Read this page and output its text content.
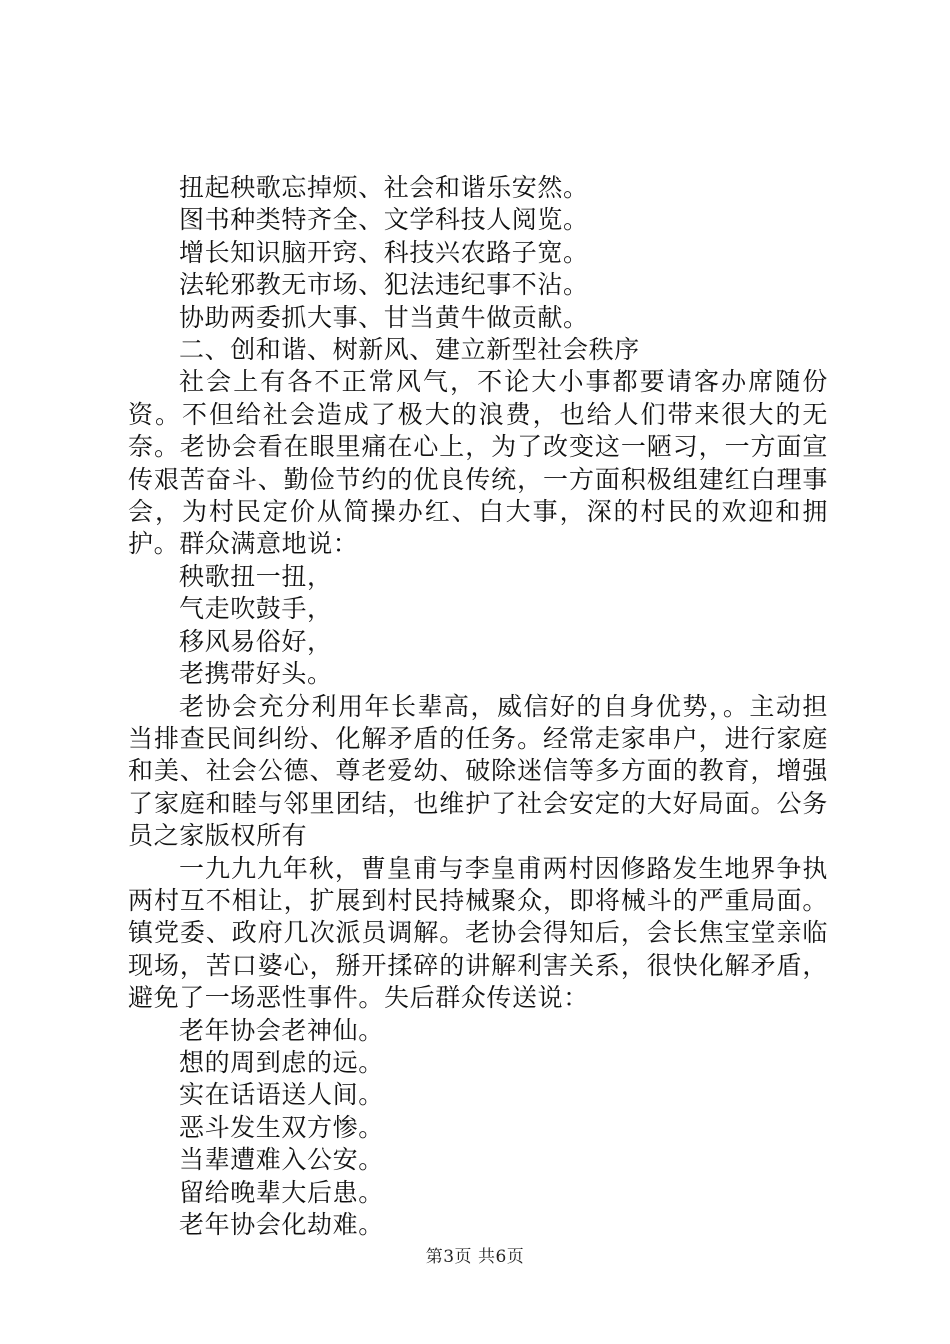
扭起秧歌忘掉烦、社会和谐乐安然。
图书种类特齐全、文学科技人阅览。
增长知识脑开窍、科技兴农路子宽。
法轮邪教无市场、犯法违纪事不沾。
协助两委抓大事、甘当黄牛做贡献。
二、创和谐、树新风、建立新型社会秩序
社会上有各不正常风气，不论大小事都要请客办席随份资。不但给社会造成了极大的浪费，也给人们带来很大的无奈。老协会看在眼里痛在心上，为了改变这一陋习，一方面宣传艰苦奋斗、勤俭节约的优良传统，一方面积极组建红白理事会，为村民定价从简操办红、白大事，深的村民的欢迎和拥护。群众满意地说：
秧歌扭一扭，
气走吹鼓手，
移风易俗好，
老携带好头。
老协会充分利用年长辈高，威信好的自身优势，。主动担当排查民间纠纷、化解矛盾的任务。经常走家串户，进行家庭和美、社会公德、尊老爱幼、破除迷信等多方面的教育，增强了家庭和睦与邻里团结，也维护了社会安定的大好局面。公务员之家版权所有
一九九九年秋，曹皇甫与李皇甫两村因修路发生地界争执两村互不相让，扩展到村民持械聚众，即将械斗的严重局面。镇党委、政府几次派员调解。老协会得知后，会长焦宝堂亲临现场，苦口婆心，掰开揉碎的讲解利害关系，很快化解矛盾，避免了一场恶性事件。失后群众传送说：
老年协会老神仙。
想的周到虑的远。
实在话语送人间。
恶斗发生双方惨。
当辈遭难入公安。
留给晚辈大后患。
老年协会化劫难。
第3页 共6页
